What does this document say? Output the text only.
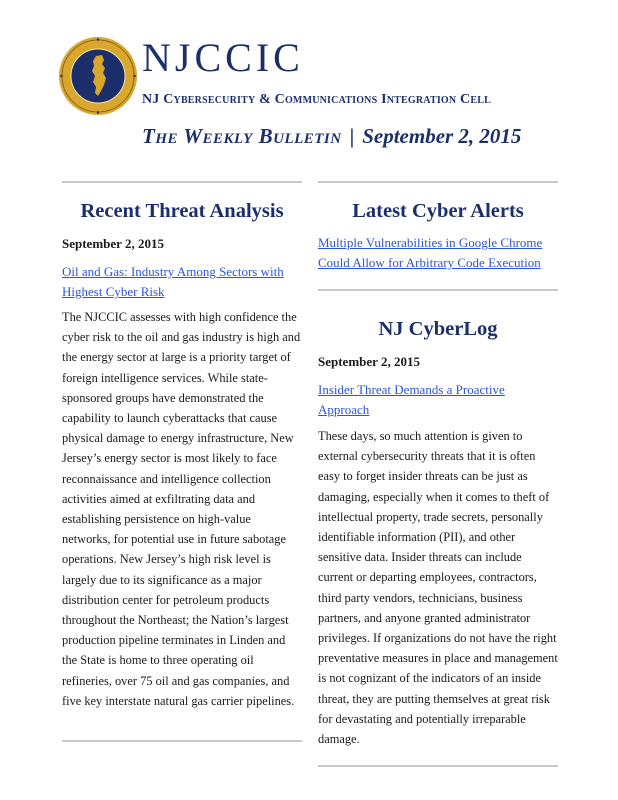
NJCCIC
NJ Cybersecurity & Communications Integration Cell
The Weekly Bulletin | September 2, 2015
Recent Threat Analysis

September 2, 2015

Oil and Gas: Industry Among Sectors with Highest Cyber Risk

The NJCCIC assesses with high confidence the cyber risk to the oil and gas industry is high and the energy sector at large is a priority target of foreign intelligence services. While state-sponsored groups have demonstrated the capability to launch cyberattacks that cause physical damage to energy infrastructure, New Jersey’s energy sector is most likely to face reconnaissance and intelligence collection activities aimed at exfiltrating data and establishing persistence on high-value networks, for potential use in future sabotage operations. New Jersey’s high risk level is largely due to its significance as a major distribution center for petroleum products throughout the Northeast; the Nation’s largest production pipeline terminates in Linden and the State is home to three operating oil refineries, over 75 oil and gas companies, and five key interstate natural gas carrier pipelines.

Latest Cyber Alerts
Multiple Vulnerabilities in Google Chrome Could Allow for Arbitrary Code Execution
NJ CyberLog

September 2, 2015

Insider Threat Demands a Proactive Approach

These days, so much attention is given to external cybersecurity threats that it is often easy to forget insider threats can be just as damaging, especially when it comes to theft of intellectual property, trade secrets, personally identifiable information (PII), and other sensitive data. Insider threats can include current or departing employees, contractors, third party vendors, technicians, business partners, and anyone granted administrator privileges. If organizations do not have the right preventative measures in place and management is not cognizant of the indicators of an inside threat, they are putting themselves at great risk for devastating and potentially irreparable damage.
